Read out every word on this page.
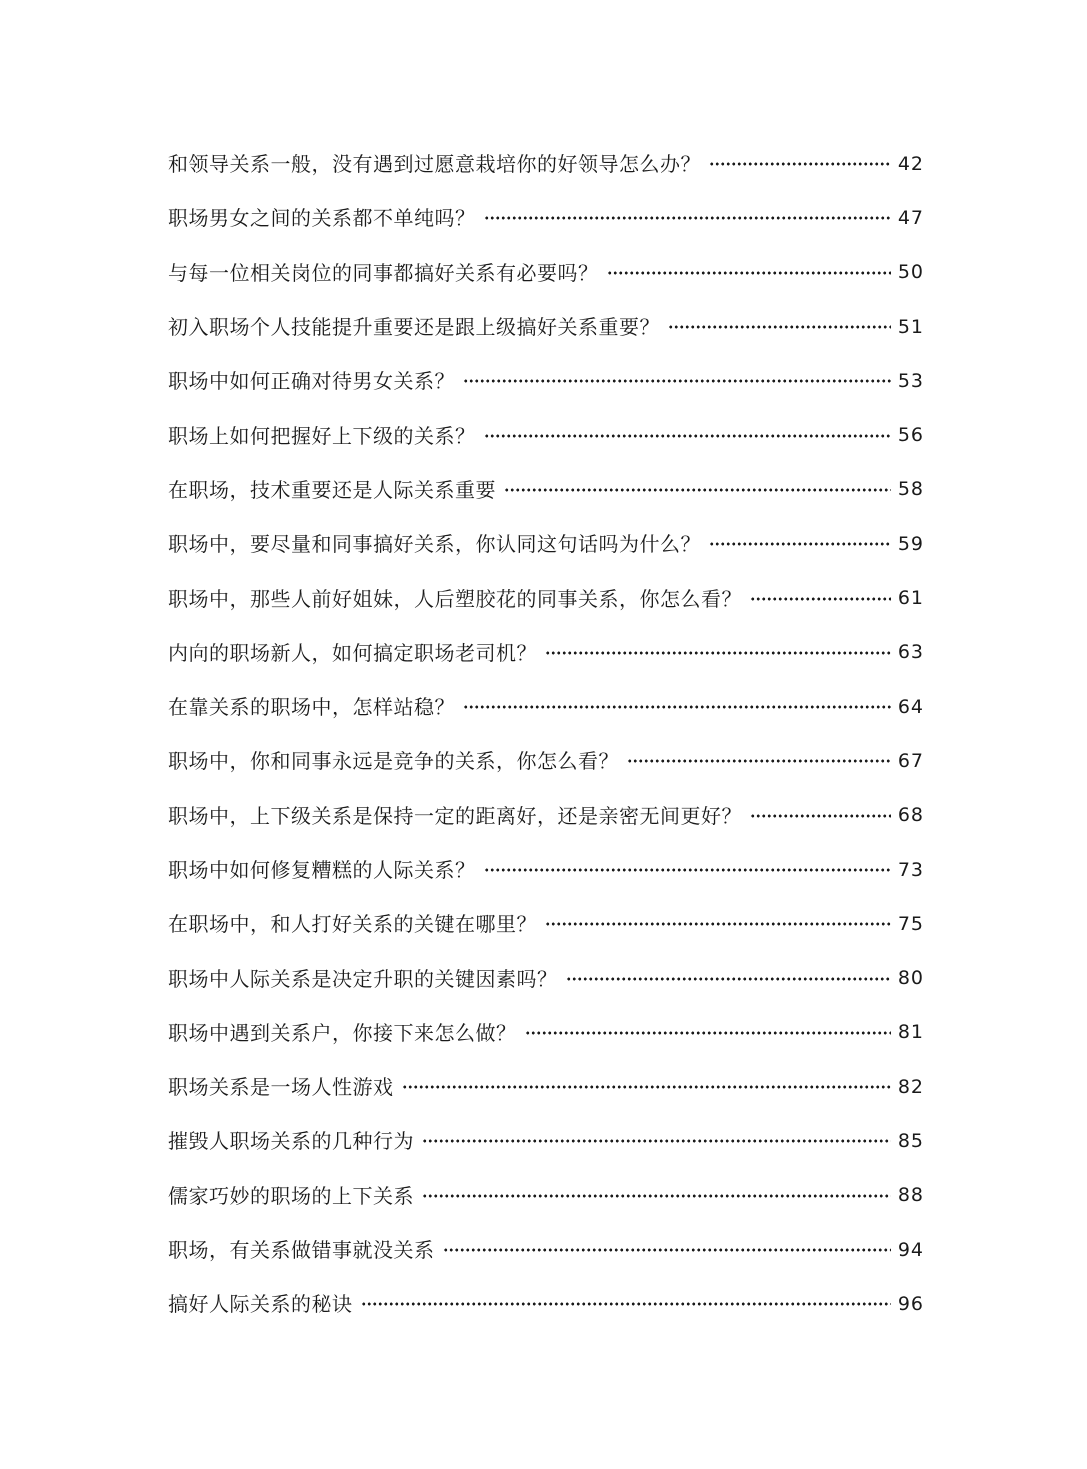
和领导关系一般，没有遇到过愿意栽培你的好领导怎么办？	42
职场男女之间的关系都不单纯吗？	47
与每一位相关岗位的同事都搞好关系有必要吗？	50
初入职场个人技能提升重要还是跟上级搞好关系重要？	51
职场中如何正确对待男女关系？	53
职场上如何把握好上下级的关系？	56
在职场，技术重要还是人际关系重要	58
职场中，要尽量和同事搞好关系，你认同这句话吗为什么？	59
职场中，那些人前好姐妹，人后塑胶花的同事关系，你怎么看？	61
内向的职场新人，如何搞定职场老司机？	63
在靠关系的职场中，怎样站稳？	64
职场中，你和同事永远是竞争的关系，你怎么看？	67
职场中，上下级关系是保持一定的距离好，还是亲密无间更好？	68
职场中如何修复糟糕的人际关系？	73
在职场中，和人打好关系的关键在哪里？	75
职场中人际关系是决定升职的关键因素吗？	80
职场中遇到关系户，你接下来怎么做？	81
职场关系是一场人性游戏	82
摧毁人职场关系的几种行为	85
儒家巧妙的职场的上下关系	88
职场，有关系做错事就没关系	94
搞好人际关系的秘诀	96
